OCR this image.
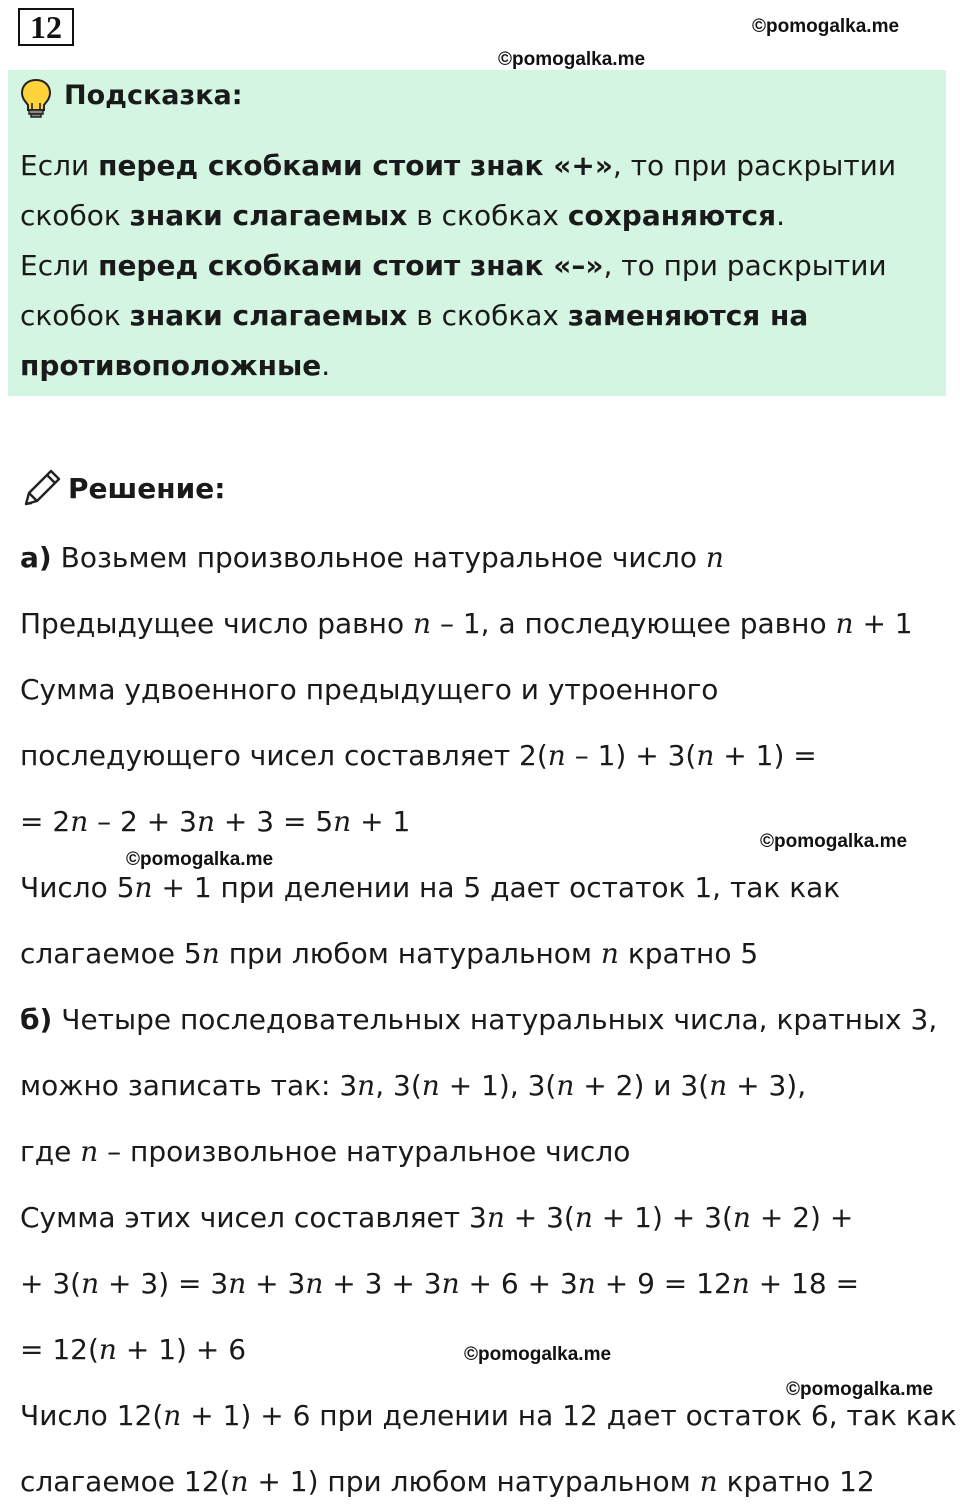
12	©pomogalka.me
©pomogalka.me
Подсказка:
Если перед скобками стоит знак «+», то при раскрытии
скобок знаки слагаемых в скобках сохраняются.
Если перед скобками стоит знак «–», то при раскрытии
скобок знаки слагаемых в скобках заменяются на
противоположные.
Решение:
а) Возьмем произвольное натуральное число n
Предыдущее число равно n – 1, а последующее равно n + 1
Сумма удвоенного предыдущего и утроенного
последующего чисел составляет 2(n – 1) + 3(n + 1) =
= 2n – 2 + 3n + 3 = 5n + 1
©pomogalka.me
©pomogalka.me
Число 5n + 1 при делении на 5 дает остаток 1, так как
слагаемое 5n при любом натуральном n кратно 5
б) Четыре последовательных натуральных числа, кратных 3,
можно записать так: 3n, 3(n + 1), 3(n + 2) и 3(n + 3),
где n – произвольное натуральное число
Сумма этих чисел составляет 3n + 3(n + 1) + 3(n + 2) +
+ 3(n + 3) = 3n + 3n + 3 + 3n + 6 + 3n + 9 = 12n + 18 =
= 12(n + 1) + 6	©pomogalka.me
©pomogalka.me
Число 12(n + 1) + 6 при делении на 12 дает остаток 6, так как
слагаемое 12(n + 1) при любом натуральном n кратно 12
